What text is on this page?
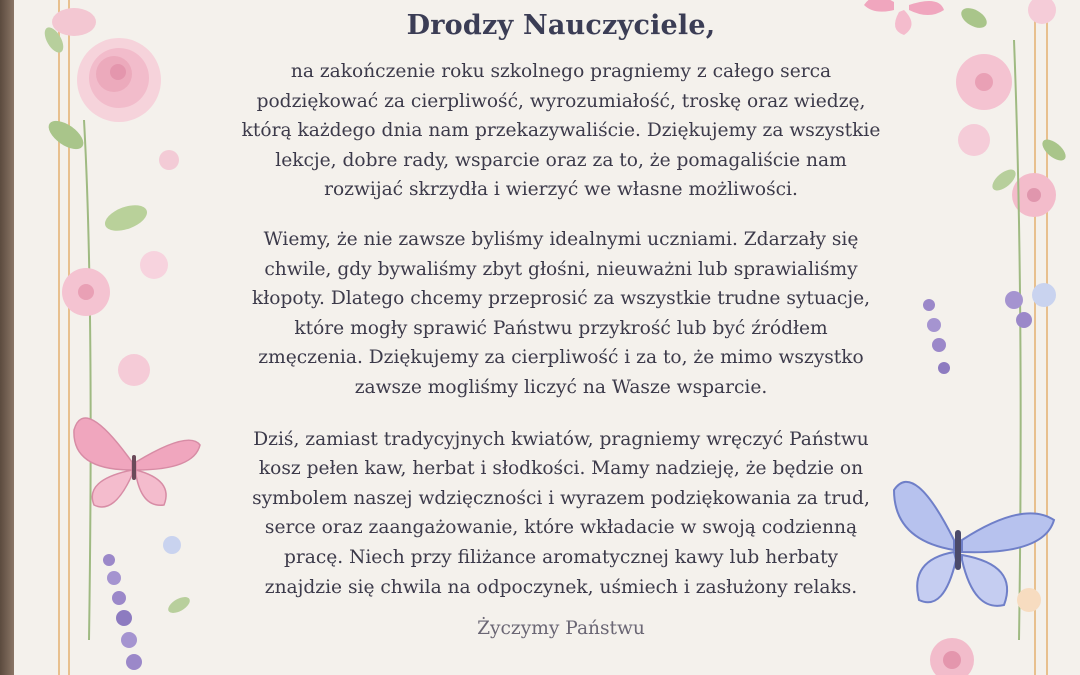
Drodzy Nauczyciele,

na zakończenie roku szkolnego pragniemy z całego serca
podziękować za cierpliwość, wyrozumiałość, troskę oraz wiedzę,
którą każdego dnia nam przekazywaliście. Dziękujemy za wszystkie
lekcje, dobre rady, wsparcie oraz za to, że pomagaliście nam
rozwijać skrzydła i wierzyć we własne możliwości.

Wiemy, że nie zawsze byliśmy idealnymi uczniami. Zdarzały się
chwile, gdy bywaliśmy zbyt głośni, nieuważni lub sprawialiśmy
kłopoty. Dlatego chcemy przeprosić za wszystkie trudne sytuacje,
które mogły sprawić Państwu przykrość lub być źródłem
zmęczenia. Dziękujemy za cierpliwość i za to, że mimo wszystko
zawsze mogliśmy liczyć na Wasze wsparcie.

Dziś, zamiast tradycyjnych kwiatów, pragniemy wręczyć Państwu
kosz pełen kaw, herbat i słodkości. Mamy nadzieję, że będzie on
symbolem naszej wdzięczności i wyrazem podziękowania za trud,
serce oraz zaangażowanie, które wkładacie w swoją codzienną
pracę. Niech przy filiżance aromatycznej kawy lub herbaty
znajdzie się chwila na odpoczynek, uśmiech i zasłużony relaks.

Życzymy Państwu
